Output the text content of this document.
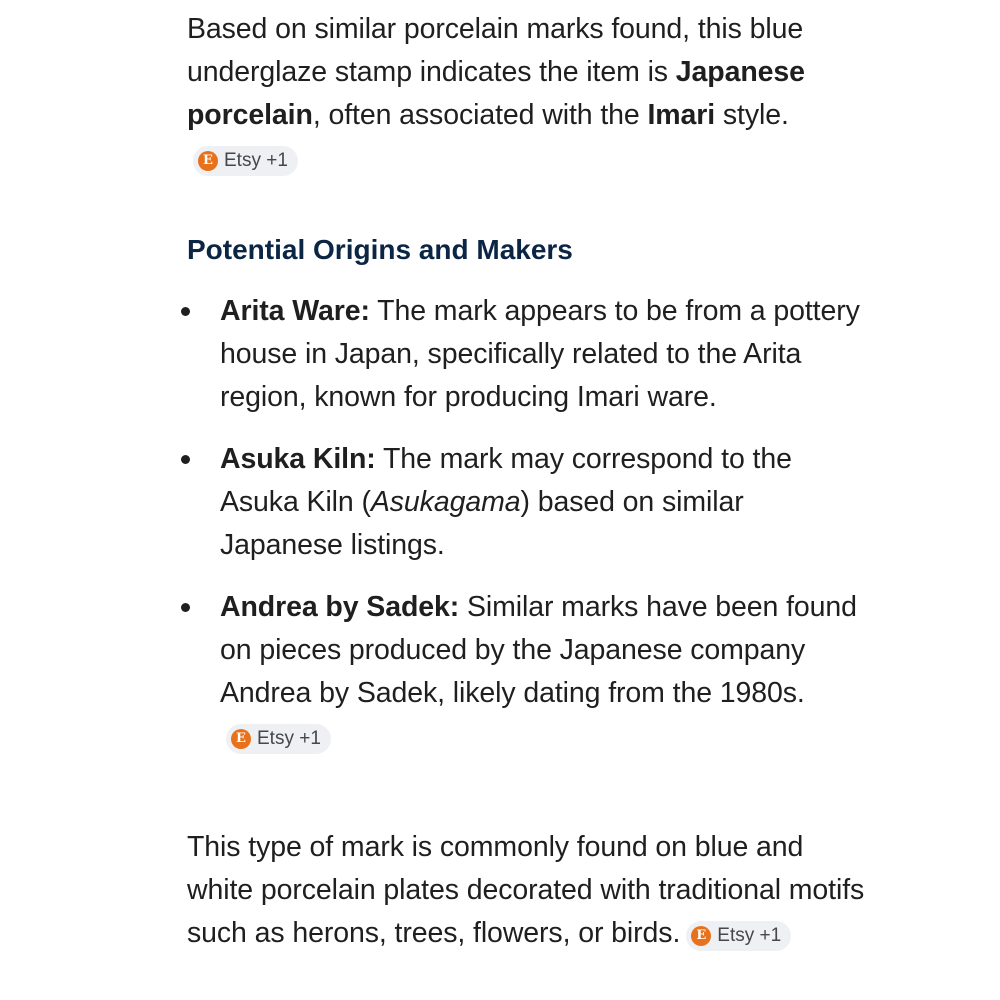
Based on similar porcelain marks found, this blue underglaze stamp indicates the item is Japanese porcelain, often associated with the Imari style.
E Etsy +1

Potential Origins and Makers
Arita Ware: The mark appears to be from a pottery house in Japan, specifically related to the Arita region, known for producing Imari ware.
Asuka Kiln: The mark may correspond to the Asuka Kiln (Asukagama) based on similar Japanese listings.
Andrea by Sadek: Similar marks have been found on pieces produced by the Japanese company Andrea by Sadek, likely dating from the 1980s.
E Etsy +1

This type of mark is commonly found on blue and white porcelain plates decorated with traditional motifs such as herons, trees, flowers, or birds.	E Etsy +1
